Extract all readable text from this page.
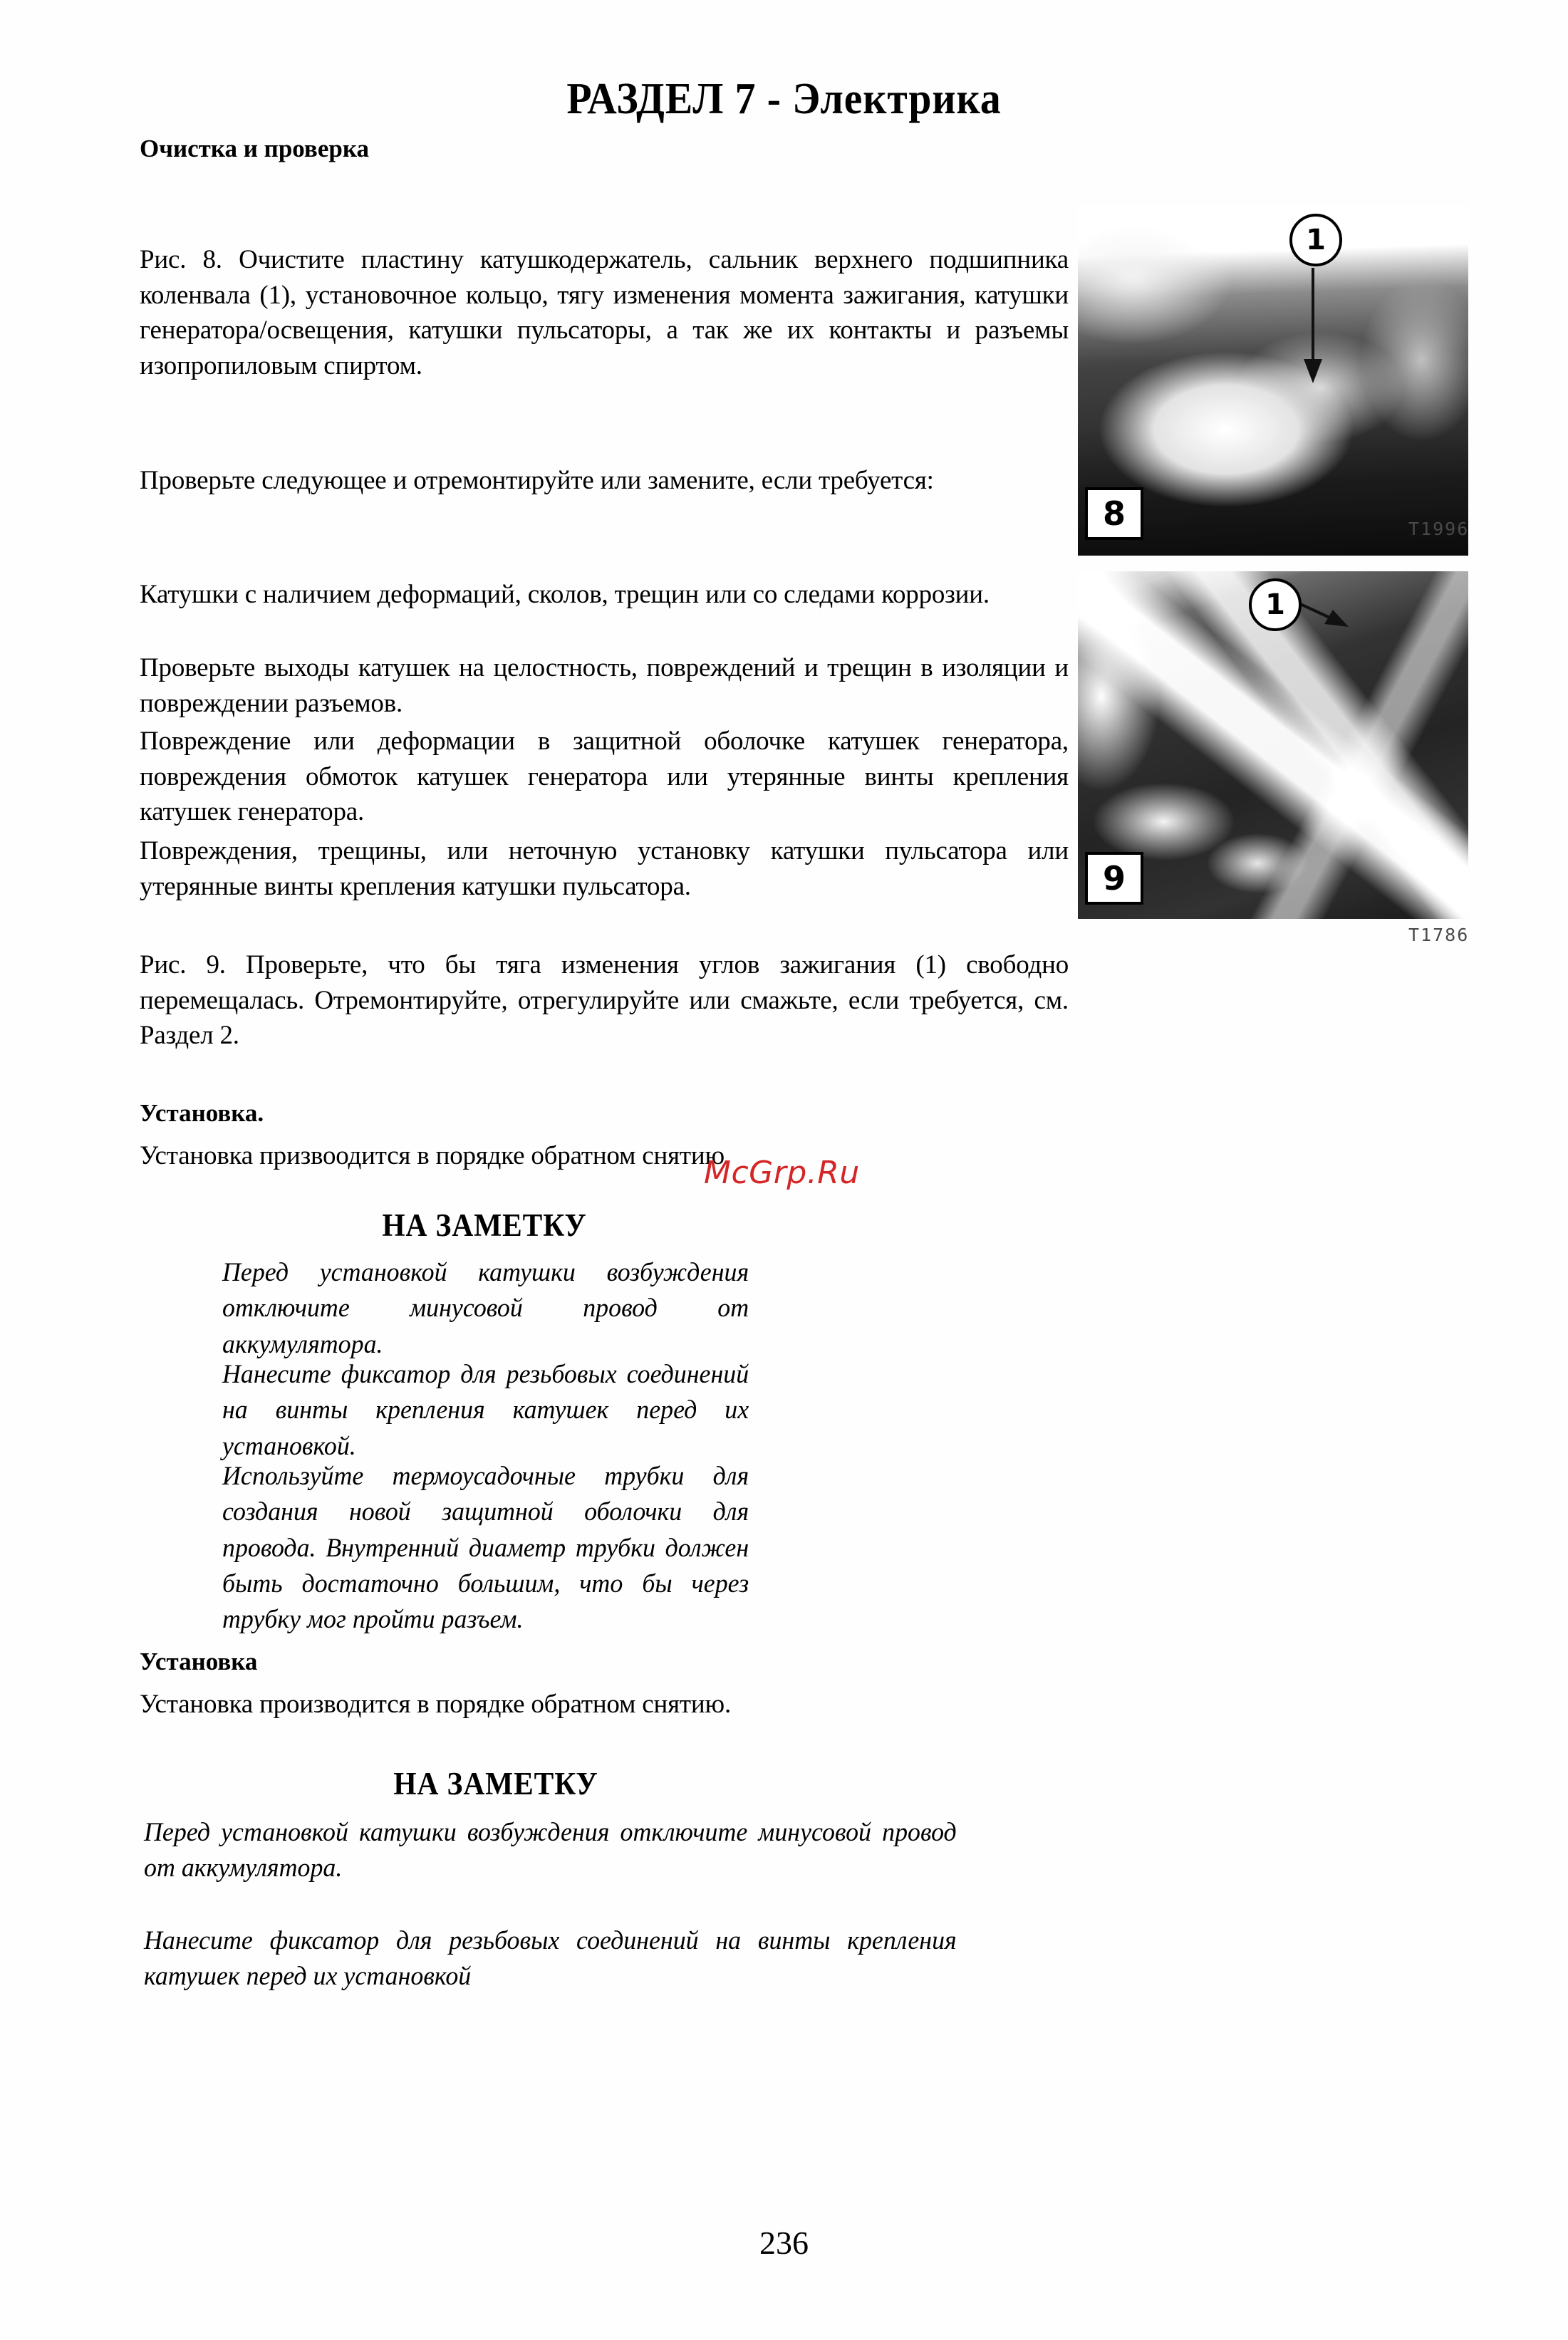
РАЗДЕЛ 7 - Электрика
Очистка и проверка

Рис. 8. Очистите пластину катушкодержатель, сальник верхнего подшипника коленвала (1), установочное кольцо, тягу изменения момента зажигания, катушки генератора/освещения, катушки пульсаторы, а так же их контакты и разъемы изопропиловым спиртом.

Проверьте следующее и отремонтируйте или замените, если требуется:

Катушки с наличием деформаций, сколов, трещин или со следами коррозии.

Проверьте выходы катушек на целостность, повреждений и трещин в изоляции и повреждении разъемов.

Повреждение или деформации в защитной оболочке катушек генератора, повреждения обмоток катушек генератора или утерянные винты крепления катушек генератора.

Повреждения, трещины, или неточную установку катушки пульсатора или утерянные винты крепления катушки пульсатора.

Рис. 9. Проверьте, что бы тяга изменения углов зажигания (1) свободно перемещалась. Отремонтируйте, отрегулируйте или смажьте, если требуется, см. Раздел 2.

Установка.

Установка призвоодится в порядке обратном снятию.

McGrp.Ru
НА ЗАМЕТКУ

Перед установкой катушки возбуждения отключите минусовой провод от аккумулятора.

Нанесите фиксатор для резьбовых соединений на винты крепления катушек перед их установкой.

Используйте термоусадочные трубки для создания новой защитной оболочки для провода. Внутренний диаметр трубки должен быть достаточно большим, что бы через трубку мог пройти разъем.

Установка

Установка производится в порядке обратном снятию.

НА ЗАМЕТКУ

Перед установкой катушки возбуждения отключите минусовой провод от аккумулятора.

Нанесите фиксатор для резьбовых соединений на винты крепления катушек перед их установкой

1
8	T1996
1
9
T1786
236
